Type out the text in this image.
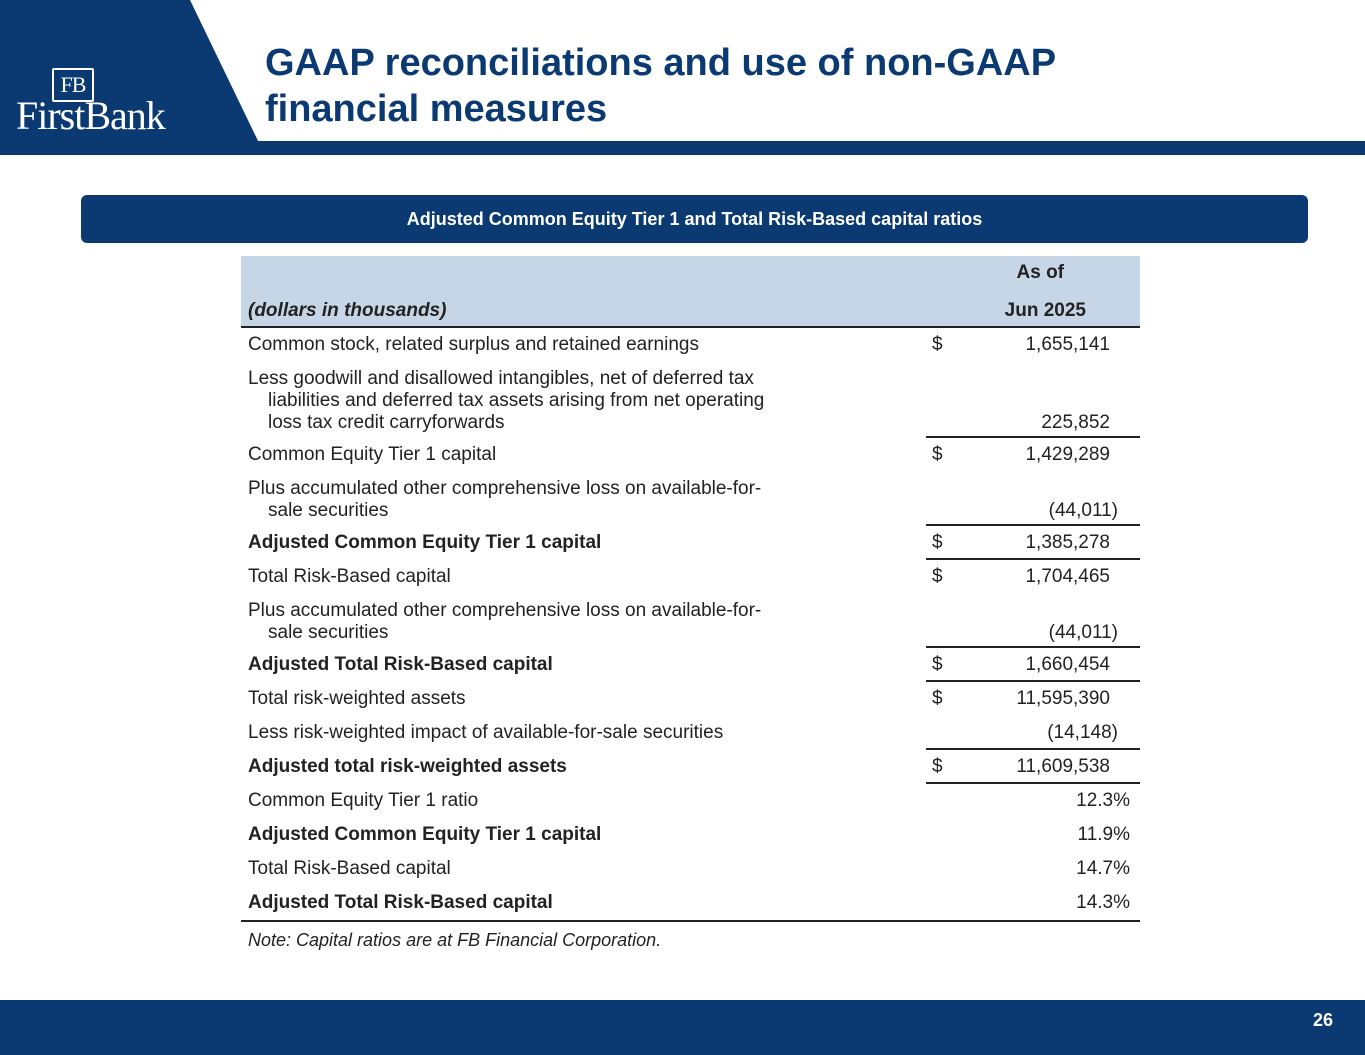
FB
FirstBank
GAAP reconciliations and use of non-GAAP
financial measures
Adjusted Common Equity Tier 1 and Total Risk-Based capital ratios
(dollars in thousands)
As of
Jun 2025
Common stock, related surplus and retained earnings	$	1,655,141
Less goodwill and disallowed intangibles, net of deferred tax
liabilities and deferred tax assets arising from net operating
loss tax credit carryforwards	225,852
Common Equity Tier 1 capital	$	1,429,289
Plus accumulated other comprehensive loss on available-for-
sale securities	(44,011)
Adjusted Common Equity Tier 1 capital	$	1,385,278
Total Risk-Based capital	$	1,704,465
Plus accumulated other comprehensive loss on available-for-
sale securities	(44,011)
Adjusted Total Risk-Based capital	$	1,660,454
Total risk-weighted assets	$	11,595,390
Less risk-weighted impact of available-for-sale securities	(14,148)
Adjusted total risk-weighted assets	$	11,609,538
Common Equity Tier 1 ratio	12.3%
Adjusted Common Equity Tier 1 capital	11.9%
Total Risk-Based capital	14.7%
Adjusted Total Risk-Based capital	14.3%
Note: Capital ratios are at FB Financial Corporation.
26
